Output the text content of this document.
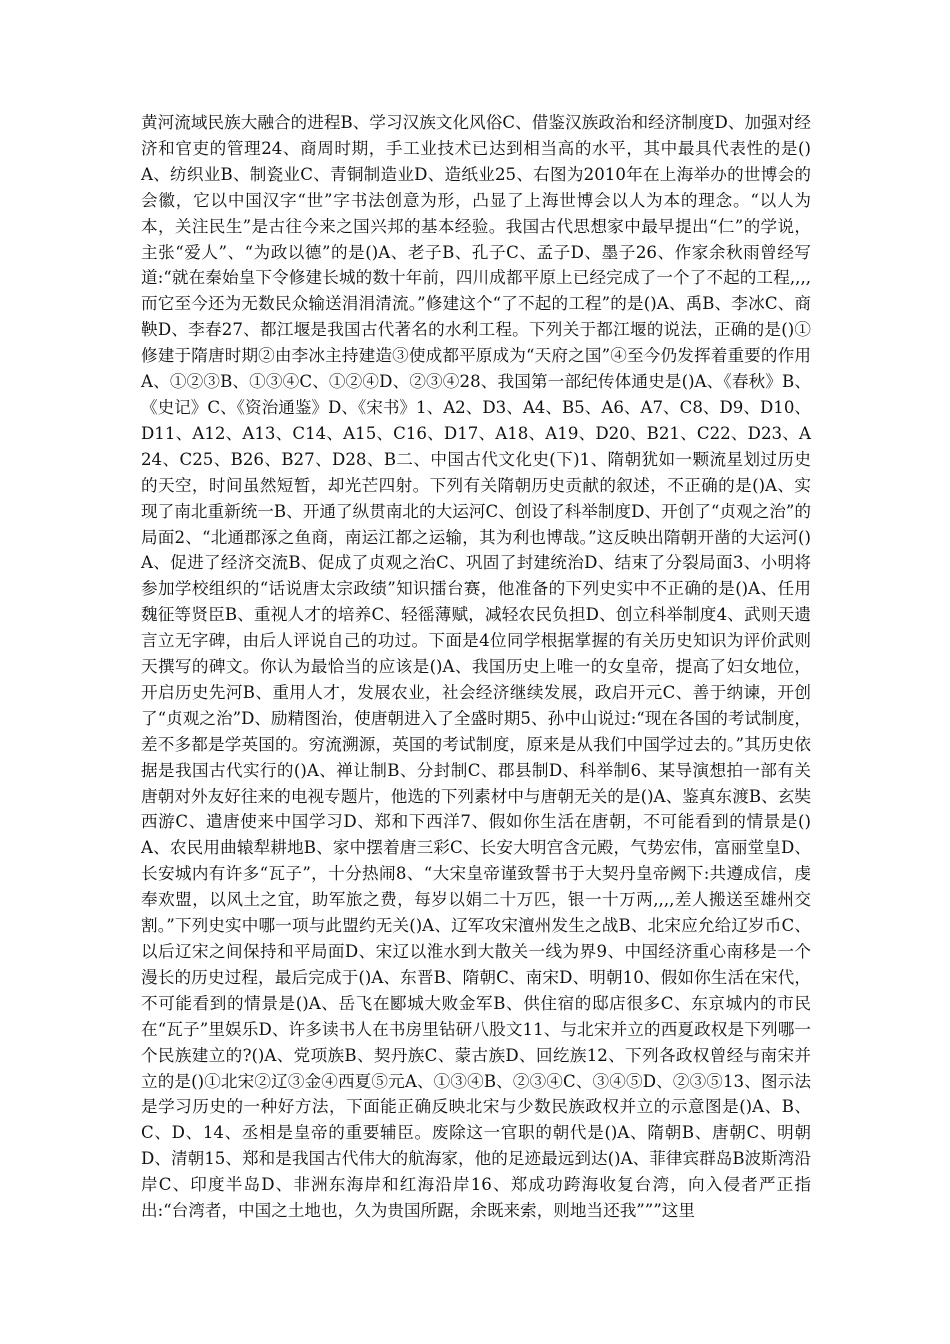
黄河流域民族大融合的进程B、学习汉族文化风俗C、借鉴汉族政治和经济制度D、加强对经济和官吏的管理24、商周时期，手工业技术已达到相当高的水平，其中最具代表性的是()A、纺织业B、制瓷业C、青铜制造业D、造纸业25、右图为2010年在上海举办的世博会的会徽，它以中国汉字“世”字书法创意为形，凸显了上海世博会以人为本的理念。“以人为本，关注民生”是古往今来之国兴邦的基本经验。我国古代思想家中最早提出“仁”的学说，主张“爱人”、“为政以德”的是()A、老子B、孔子C、孟子D、墨子26、作家余秋雨曾经写道:“就在秦始皇下令修建长城的数十年前，四川成都平原上已经完成了一个了不起的工程,,,,而它至今还为无数民众输送涓涓清流。”修建这个“了不起的工程”的是()A、禹B、李冰C、商鞅D、李春27、都江堰是我国古代著名的水利工程。下列关于都江堰的说法，正确的是()①修建于隋唐时期②由李冰主持建造③使成都平原成为“天府之国”④至今仍发挥着重要的作用A、①②③B、①③④C、①②④D、②③④28、我国第一部纪传体通史是()A、《春秋》B、《史记》C、《资治通鉴》D、《宋书》1、A2、D3、A4、B5、A6、A7、C8、D9、D10、D11、A12、A13、C14、A15、C16、D17、A18、A19、D20、B21、C22、D23、A24、C25、B26、B27、D28、B二、中国古代文化史(下)1、隋朝犹如一颗流星划过历史的天空，时间虽然短暂，却光芒四射。下列有关隋朝历史贡献的叙述，不正确的是()A、实现了南北重新统一B、开通了纵贯南北的大运河C、创设了科举制度D、开创了“贞观之治”的局面2、“北通郡涿之鱼商，南运江都之运输，其为利也博哉。”这反映出隋朝开凿的大运河()A、促进了经济交流B、促成了贞观之治C、巩固了封建统治D、结束了分裂局面3、小明将参加学校组织的“话说唐太宗政绩”知识擂台赛，他准备的下列史实中不正确的是()A、任用魏征等贤臣B、重视人才的培养C、轻徭薄赋，减轻农民负担D、创立科举制度4、武则天遗言立无字碑，由后人评说自己的功过。下面是4位同学根据掌握的有关历史知识为评价武则天撰写的碑文。你认为最恰当的应该是()A、我国历史上唯一的女皇帝，提高了妇女地位，开启历史先河B、重用人才，发展农业，社会经济继续发展，政启开元C、善于纳谏，开创了“贞观之治”D、励精图治，使唐朝进入了全盛时期5、孙中山说过:“现在各国的考试制度，差不多都是学英国的。穷流溯源，英国的考试制度，原来是从我们中国学过去的。”其历史依据是我国古代实行的()A、禅让制B、分封制C、郡县制D、科举制6、某导演想拍一部有关唐朝对外友好往来的电视专题片，他选的下列素材中与唐朝无关的是()A、鉴真东渡B、玄奘西游C、遣唐使来中国学习D、郑和下西洋7、假如你生活在唐朝，不可能看到的情景是()A、农民用曲辕犁耕地B、家中摆着唐三彩C、长安大明宫含元殿，气势宏伟，富丽堂皇D、长安城内有许多“瓦子”，十分热闹8、“大宋皇帝谨致誓书于大契丹皇帝阙下:共遵成信，虔奉欢盟，以风土之宜，助军旅之费，每岁以娟二十万匹，银一十万两,,,,差人搬送至雄州交割。”下列史实中哪一项与此盟约无关()A、辽军攻宋澶州发生之战B、北宋应允给辽岁币C、以后辽宋之间保持和平局面D、宋辽以淮水到大散关一线为界9、中国经济重心南移是一个漫长的历史过程，最后完成于()A、东晋B、隋朝C、南宋D、明朝10、假如你生活在宋代，不可能看到的情景是()A、岳飞在郾城大败金军B、供住宿的邸店很多C、东京城内的市民在“瓦子”里娱乐D、许多读书人在书房里钻研八股文11、与北宋并立的西夏政权是下列哪一个民族建立的?()A、党项族B、契丹族C、蒙古族D、回纥族12、下列各政权曾经与南宋并立的是()①北宋②辽③金④西夏⑤元A、①③④B、②③④C、③④⑤D、②③⑤13、图示法是学习历史的一种好方法，下面能正确反映北宋与少数民族政权并立的示意图是()A、B、C、D、14、丞相是皇帝的重要辅臣。废除这一官职的朝代是()A、隋朝B、唐朝C、明朝D、清朝15、郑和是我国古代伟大的航海家，他的足迹最远到达()A、菲律宾群岛B波斯湾沿岸C、印度半岛D、非洲东海岸和红海沿岸16、郑成功跨海收复台湾，向入侵者严正指出:“台湾者，中国之土地也，久为贵国所踞，余既来索，则地当还我”””这里
